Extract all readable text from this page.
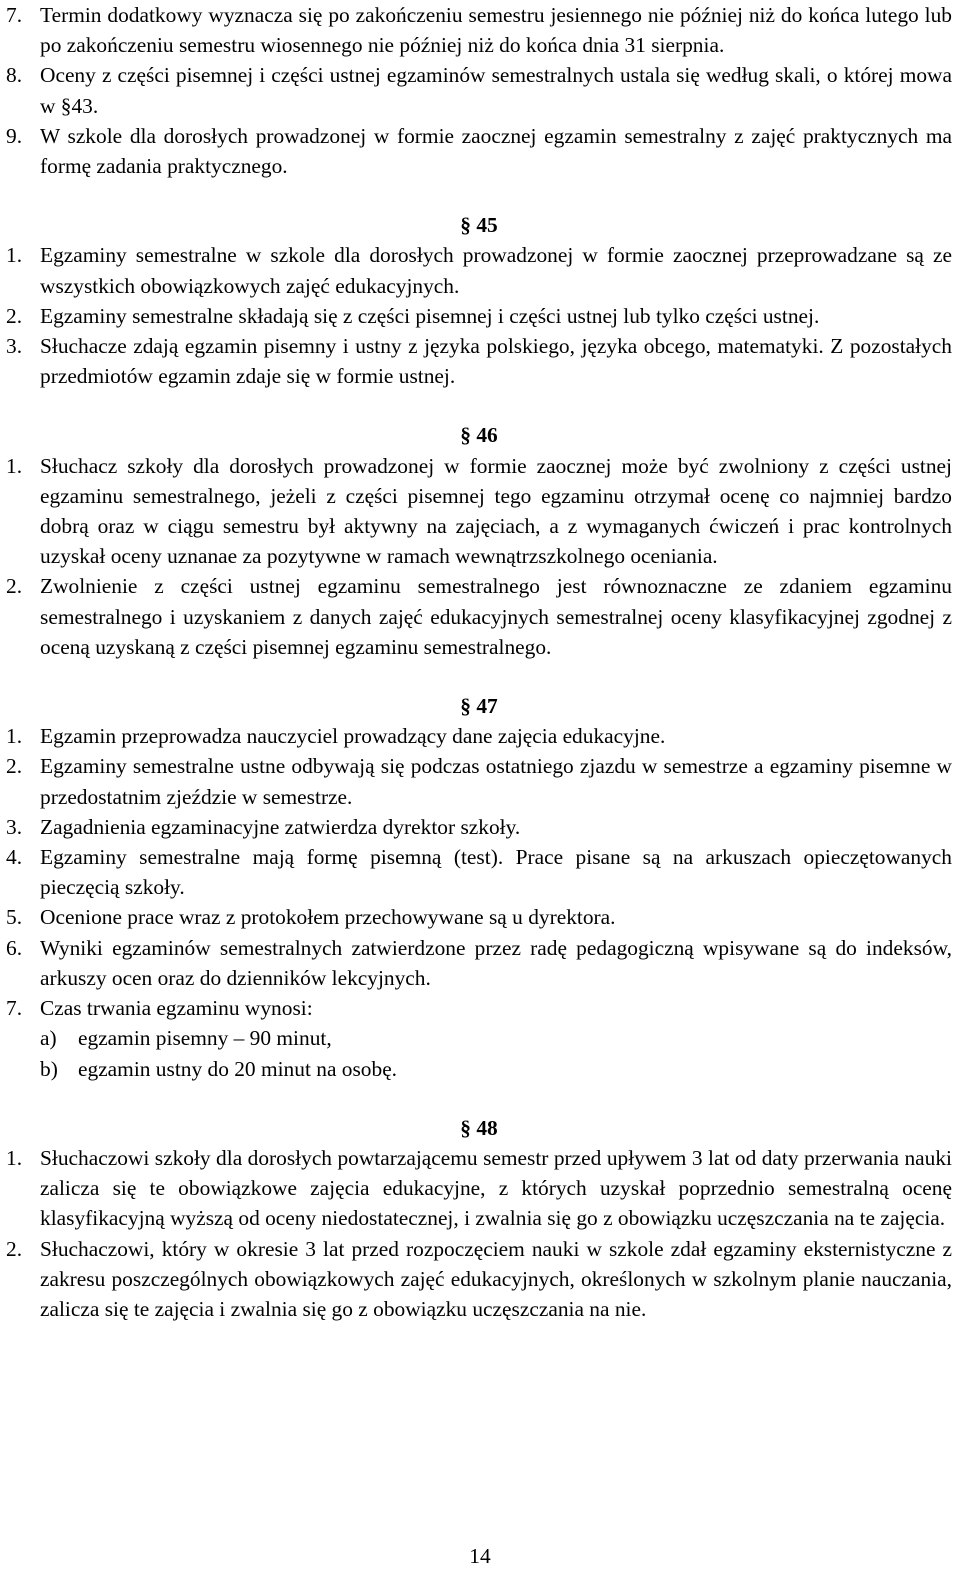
7. Termin dodatkowy wyznacza się po zakończeniu semestru jesiennego nie później niż do końca lutego lub po zakończeniu semestru wiosennego nie później niż do końca dnia 31 sierpnia.
8. Oceny z części pisemnej i części ustnej egzaminów semestralnych ustala się według skali, o której mowa w §43.
9. W szkole dla dorosłych prowadzonej w formie zaocznej egzamin semestralny z zajęć praktycznych ma formę zadania praktycznego.
§ 45
1. Egzaminy semestralne w szkole dla dorosłych prowadzonej w formie zaocznej przeprowadzane są ze wszystkich obowiązkowych zajęć edukacyjnych.
2. Egzaminy semestralne składają się z części pisemnej i części ustnej lub tylko części ustnej.
3. Słuchacze zdają egzamin pisemny i ustny z języka polskiego, języka obcego, matematyki. Z pozostałych przedmiotów egzamin zdaje się w formie ustnej.
§ 46
1. Słuchacz szkoły dla dorosłych prowadzonej w formie zaocznej może być zwolniony z części ustnej egzaminu semestralnego, jeżeli z części pisemnej tego egzaminu otrzymał ocenę co najmniej bardzo dobrą oraz w ciągu semestru był aktywny na zajęciach, a z wymaganych ćwiczeń i prac kontrolnych uzyskał oceny uznanae za pozytywne w ramach wewnątrzszkolnego oceniania.
2. Zwolnienie z części ustnej egzaminu semestralnego jest równoznaczne ze zdaniem egzaminu semestralnego i uzyskaniem z danych zajęć edukacyjnych semestralnej oceny klasyfikacyjnej zgodnej z oceną uzyskaną z części pisemnej egzaminu semestralnego.
§ 47
1. Egzamin przeprowadza nauczyciel prowadzący dane zajęcia edukacyjne.
2. Egzaminy semestralne ustne odbywają się podczas ostatniego zjazdu w semestrze a egzaminy pisemne w przedostatnim zjeździe w semestrze.
3. Zagadnienia egzaminacyjne zatwierdza dyrektor szkoły.
4. Egzaminy semestralne mają formę pisemną (test). Prace pisane są na arkuszach opieczętowanych pieczęcią szkoły.
5. Ocenione prace wraz z protokołem przechowywane są u dyrektora.
6. Wyniki egzaminów semestralnych zatwierdzone przez radę pedagogiczną wpisywane są do indeksów, arkuszy ocen oraz do dzienników lekcyjnych.
7. Czas trwania egzaminu wynosi:
a) egzamin pisemny – 90 minut,
b) egzamin ustny do 20 minut na osobę.
§ 48
1. Słuchaczowi szkoły dla dorosłych powtarzającemu semestr przed upływem 3 lat od daty przerwania nauki zalicza się te obowiązkowe zajęcia edukacyjne, z których uzyskał poprzednio semestralną ocenę klasyfikacyjną wyższą od oceny niedostatecznej, i zwalnia się go z obowiązku uczęszczania na te zajęcia.
2. Słuchaczowi, który w okresie 3 lat przed rozpoczęciem nauki w szkole zdał egzaminy eksternistyczne z zakresu poszczególnych obowiązkowych zajęć edukacyjnych, określonych w szkolnym planie nauczania, zalicza się te zajęcia i zwalnia się go z obowiązku uczęszczania na nie.
14
